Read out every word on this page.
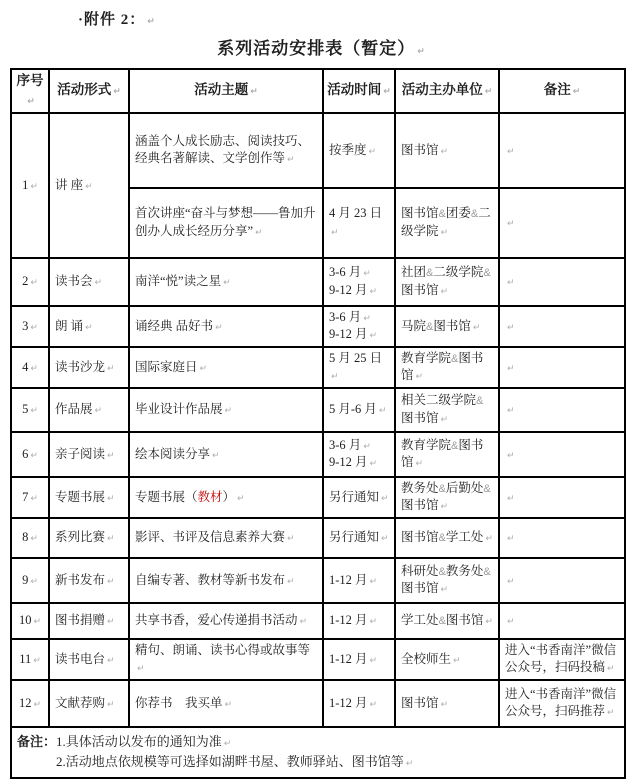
·附件 2： ↵
系列活动安排表（暂定） ↵
序号↵	活动形式 ↵	活动主题 ↵	活动时间 ↵	活动主办单位 ↵	备注 ↵
1 ↵	讲 座 ↵	涵盖个人成长励志、阅读技巧、经典名著解读、文学创作等 ↵	按季度 ↵	图书馆 ↵	↵
		首次讲座“奋斗与梦想——鲁加升创办人成长经历分享” ↵	4 月 23 日↵	图书馆&团委&二级学院 ↵	↵
2 ↵	读书会 ↵	南洋“悦”读之星 ↵	3-6 月 ↵
9-12 月 ↵	社团&二级学院&图书馆 ↵	↵
3 ↵	朗 诵 ↵	诵经典 品好书 ↵	3-6 月 ↵
9-12 月 ↵	马院&图书馆 ↵	↵
4 ↵	读书沙龙 ↵	国际家庭日 ↵	5 月 25 日↵	教育学院&图书馆 ↵	↵
5 ↵	作品展 ↵	毕业设计作品展 ↵	5 月-6 月 ↵	相关二级学院&图书馆 ↵	↵
6 ↵	亲子阅读 ↵	绘本阅读分享 ↵	3-6 月 ↵
9-12 月 ↵	教育学院&图书馆 ↵	↵
7 ↵	专题书展 ↵	专题书展（教材） ↵	另行通知 ↵	教务处&后勤处&图书馆 ↵	↵
8 ↵	系列比赛 ↵	影评、书评及信息素养大赛 ↵	另行通知 ↵	图书馆&学工处 ↵	↵
9 ↵	新书发布 ↵	自编专著、教材等新书发布 ↵	1-12 月 ↵	科研处&教务处&图书馆 ↵	↵
10 ↵	图书捐赠 ↵	共享书香，爱心传递捐书活动 ↵	1-12 月 ↵	学工处&图书馆 ↵	↵
11 ↵	读书电台 ↵	精句、朗诵、读书心得或故事等↵	1-12 月 ↵	全校师生 ↵	进入“书香南洋”微信公众号，扫码投稿 ↵
12 ↵	文献荐购 ↵	你荐书　我买单 ↵	1-12 月 ↵	图书馆 ↵	进入“书香南洋”微信公众号，扫码推荐 ↵

备注： 1.具体活动以发布的通知为准 ↵
2.活动地点依规模等可选择如湖畔书屋、教师驿站、图书馆等 ↵					
